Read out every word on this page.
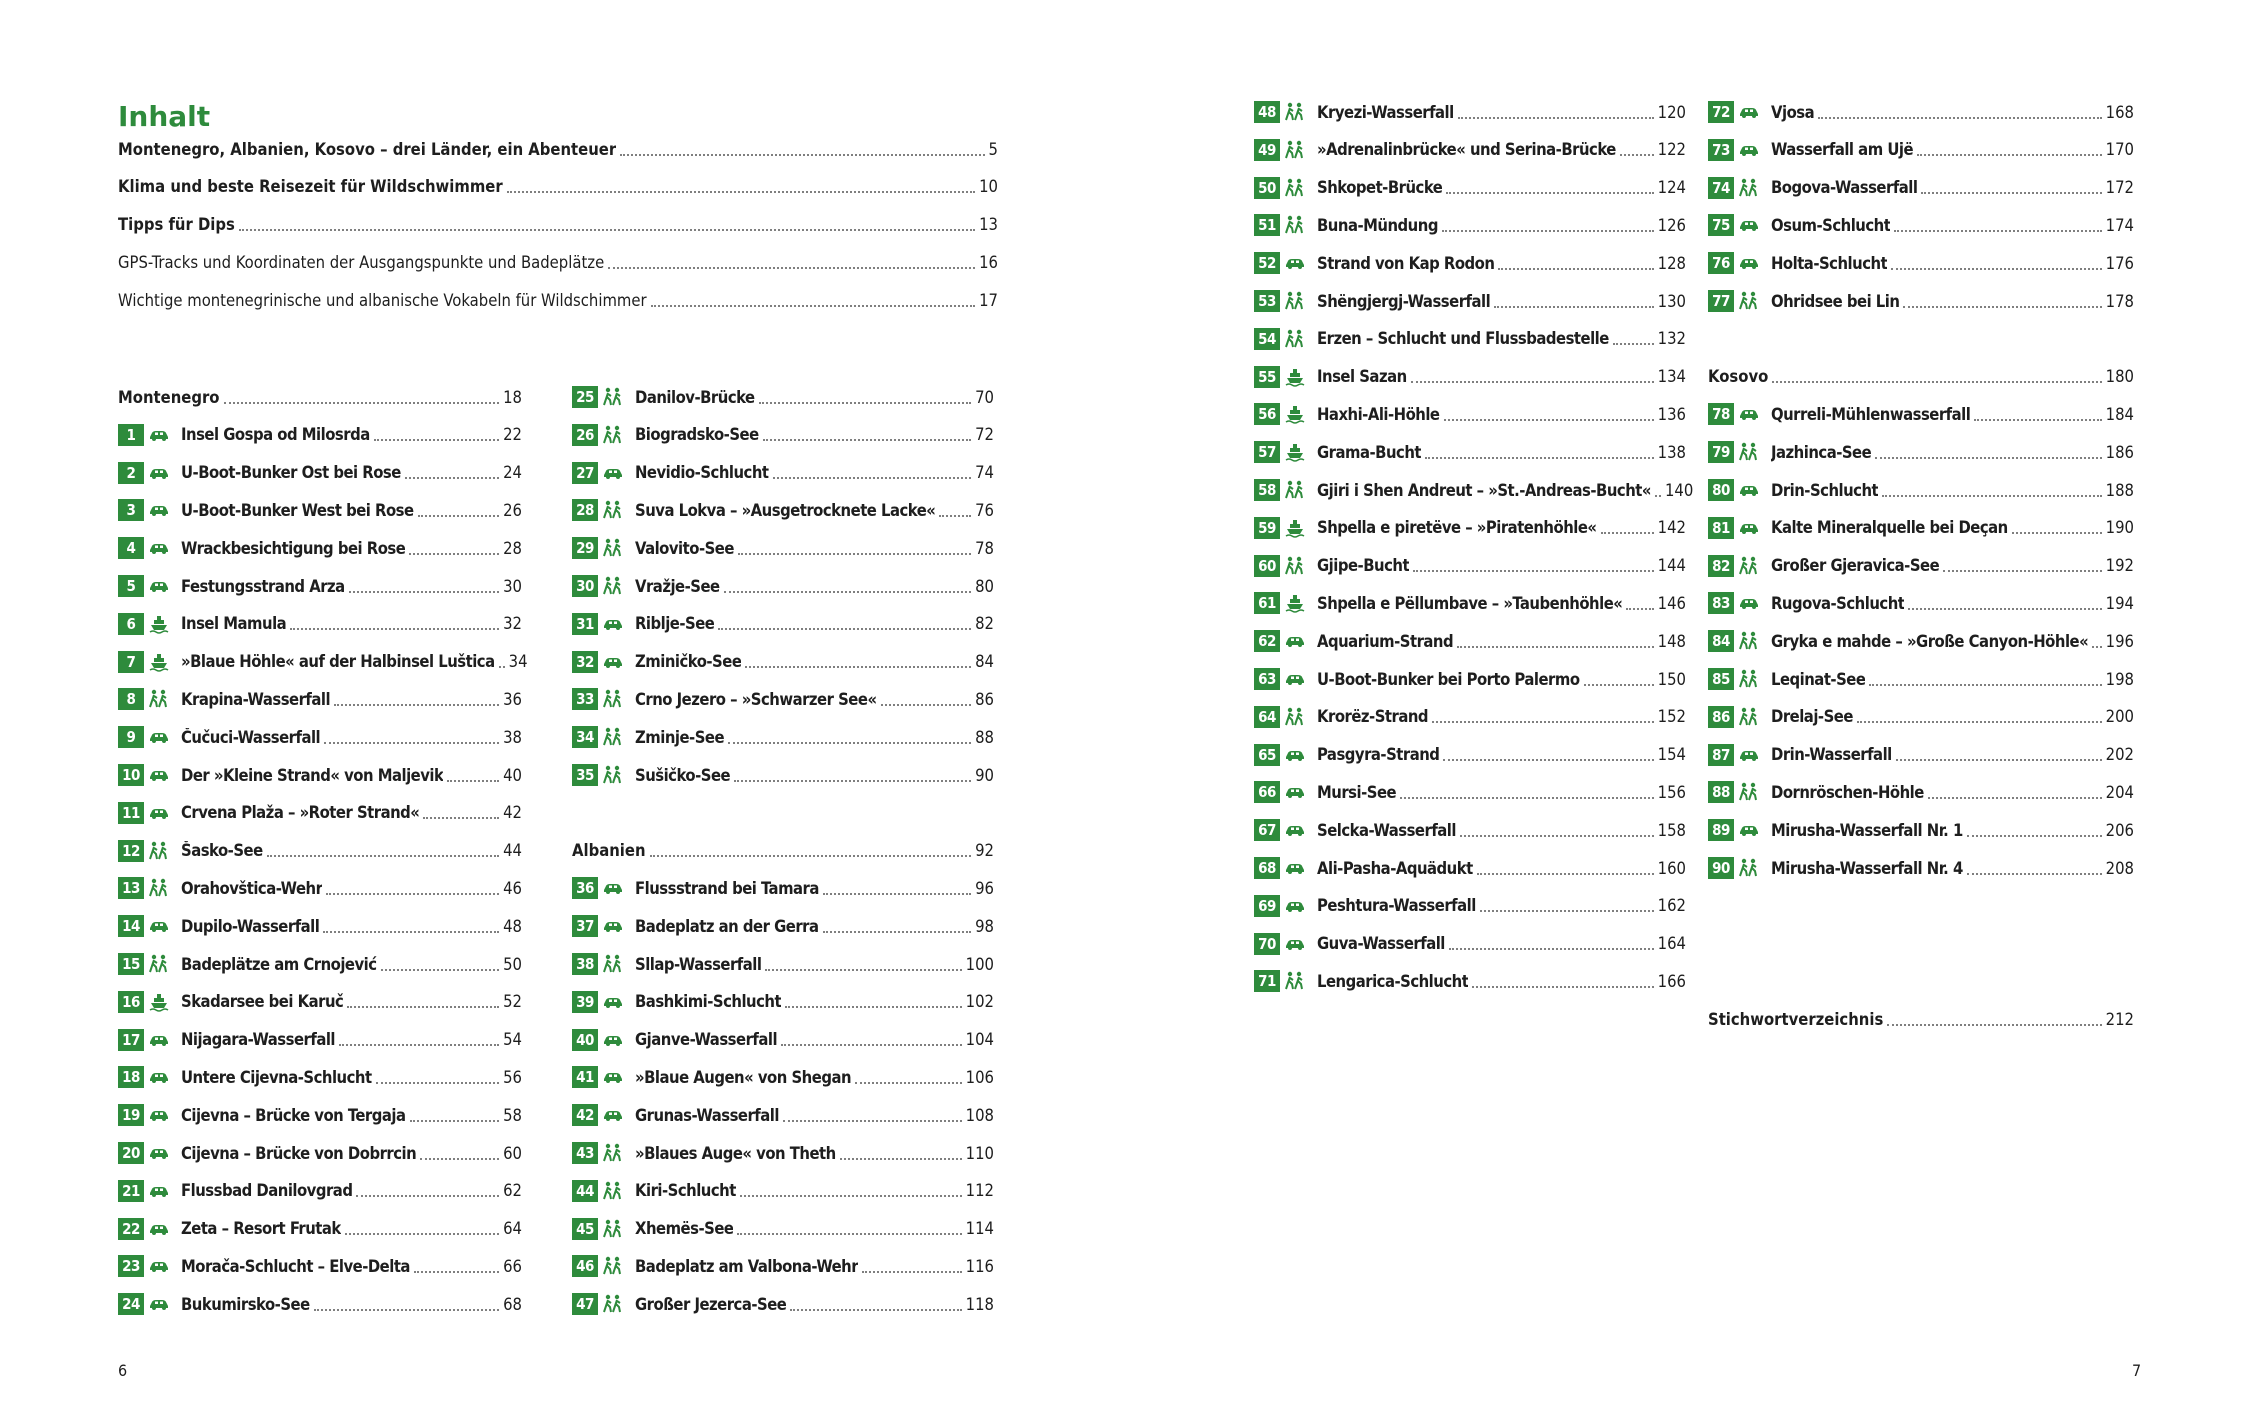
Inhalt
Montenegro, Albanien, Kosovo – drei Länder, ein Abenteuer	5
Klima und beste Reisezeit für Wildschwimmer	10
Tipps für Dips	13
GPS-Tracks und Koordinaten der Ausgangspunkte und Badeplätze	16
Wichtige montenegrinische und albanische Vokabeln für Wildschimmer	17
Montenegro	18
1	Insel Gospa od Milosrda	22
2	U-Boot-Bunker Ost bei Rose	24
3	U-Boot-Bunker West bei Rose	26
4	Wrackbesichtigung bei Rose	28
5	Festungsstrand Arza	30
6	Insel Mamula	32
7	»Blaue Höhle« auf der Halbinsel Luštica 34
8	Krapina-Wasserfall	36
9	Čučuci-Wasserfall	38
10 Der »Kleine Strand« von Maljevik	40
11 Crvena Plaža – »Roter Strand«	42
12 Šasko-See	44
13 Orahovštica-Wehr	46
14 Dupilo-Wasserfall	48
15 Badeplätze am Crnojević	50
16 Skadarsee bei Karuč	52
17 Nijagara-Wasserfall	54
18 Untere Cijevna-Schlucht	56
19 Cijevna – Brücke von Tergaja	58
20 Cijevna – Brücke von Dobrrcin	60
21 Flussbad Danilovgrad	62
22 Zeta – Resort Frutak	64
23 Morača-Schlucht – Elve-Delta	66
24 Bukumirsko-See	68
25 Danilov-Brücke	70
26 Biogradsko-See	72
27 Nevidio-Schlucht	74
28 Suva Lokva – »Ausgetrocknete Lacke« 76
29 Valovito-See	78
30 Vražje-See	80
31 Riblje-See	82
32 Zminičko-See	84
33 Crno Jezero – »Schwarzer See«	86
34 Zminje-See	88
35 Sušičko-See	90
Albanien	92
36 Flussstrand bei Tamara	96
37 Badeplatz an der Gerra	98
38 Sllap-Wasserfall	100
39 Bashkimi-Schlucht	102
40 Gjanve-Wasserfall	104
41 »Blaue Augen« von Shegan	106
42 Grunas-Wasserfall	108
43 »Blaues Auge« von Theth	110
44 Kiri-Schlucht	112
45 Xhemës-See	114
46 Badeplatz am Valbona-Wehr	116
47 Großer Jezerca-See	118
48 Kryezi-Wasserfall	120
49 »Adrenalinbrücke« und Serina-Brücke	122
50 Shkopet-Brücke	124
51 Buna-Mündung	126
52 Strand von Kap Rodon	128
53 Shëngjergj-Wasserfall	130
54 Erzen – Schlucht und Flussbadestelle	132
55 Insel Sazan	134
56 Haxhi-Ali-Höhle	136
57 Grama-Bucht	138
58 Gjiri i Shen Andreut – »St.-Andreas-Bucht« 140
59 Shpella e piretëve – »Piratenhöhle«	142
60 Gjipe-Bucht	144
61 Shpella e Pëllumbave – »Taubenhöhle« 146
62 Aquarium-Strand	148
63 U-Boot-Bunker bei Porto Palermo	150
64 Krorëz-Strand	152
65 Pasgyra-Strand	154
66 Mursi-See	156
67 Selcka-Wasserfall	158
68 Ali-Pasha-Aquädukt	160
69 Peshtura-Wasserfall	162
70 Guva-Wasserfall	164
71 Lengarica-Schlucht	166
72 Vjosa	168
73 Wasserfall am Ujë	170
74 Bogova-Wasserfall	172
75 Osum-Schlucht	174
76 Holta-Schlucht	176
77 Ohridsee bei Lin	178
Kosovo	180
78 Qurreli-Mühlenwasserfall	184
79 Jazhinca-See	186
80 Drin-Schlucht	188
81 Kalte Mineralquelle bei Deçan	190
82 Großer Gjeravica-See	192
83 Rugova-Schlucht	194
84 Gryka e mahde – »Große Canyon-Höhle« 196
85 Leqinat-See	198
86 Drelaj-See	200
87 Drin-Wasserfall	202
88 Dornröschen-Höhle	204
89 Mirusha-Wasserfall Nr. 1	206
90 Mirusha-Wasserfall Nr. 4	208
Stichwortverzeichnis	212

6	7
